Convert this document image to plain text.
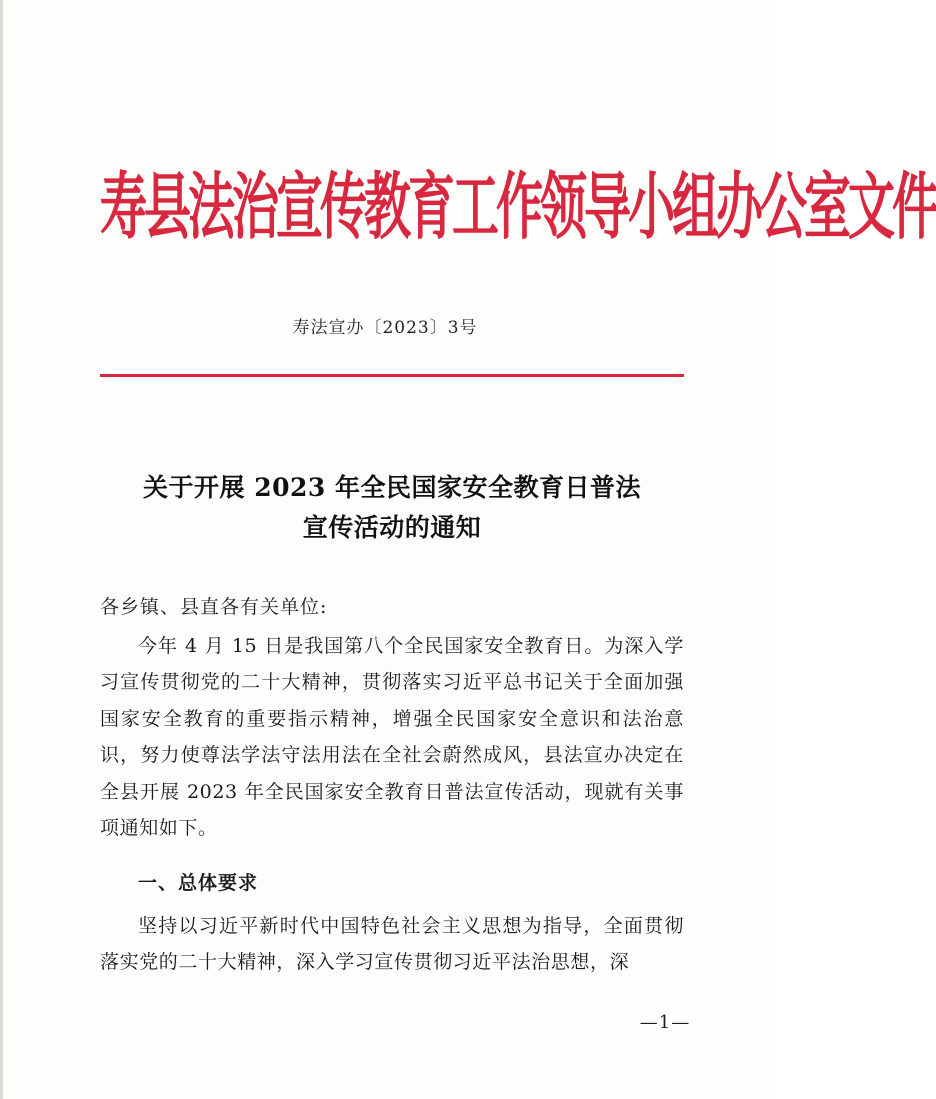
寿县法治宣传教育工作领导小组办公室文件
寿法宣办〔2023〕3号
关于开展 2023 年全民国家安全教育日普法
宣传活动的通知
各乡镇、县直各有关单位:
今年 4 月 15 日是我国第八个全民国家安全教育日。为深入学习宣传贯彻党的二十大精神，贯彻落实习近平总书记关于全面加强国家安全教育的重要指示精神，增强全民国家安全意识和法治意识，努力使尊法学法守法用法在全社会蔚然成风，县法宣办决定在全县开展 2023 年全民国家安全教育日普法宣传活动，现就有关事项通知如下。
一、总体要求
坚持以习近平新时代中国特色社会主义思想为指导，全面贯彻落实党的二十大精神，深入学习宣传贯彻习近平法治思想，深
—1—
